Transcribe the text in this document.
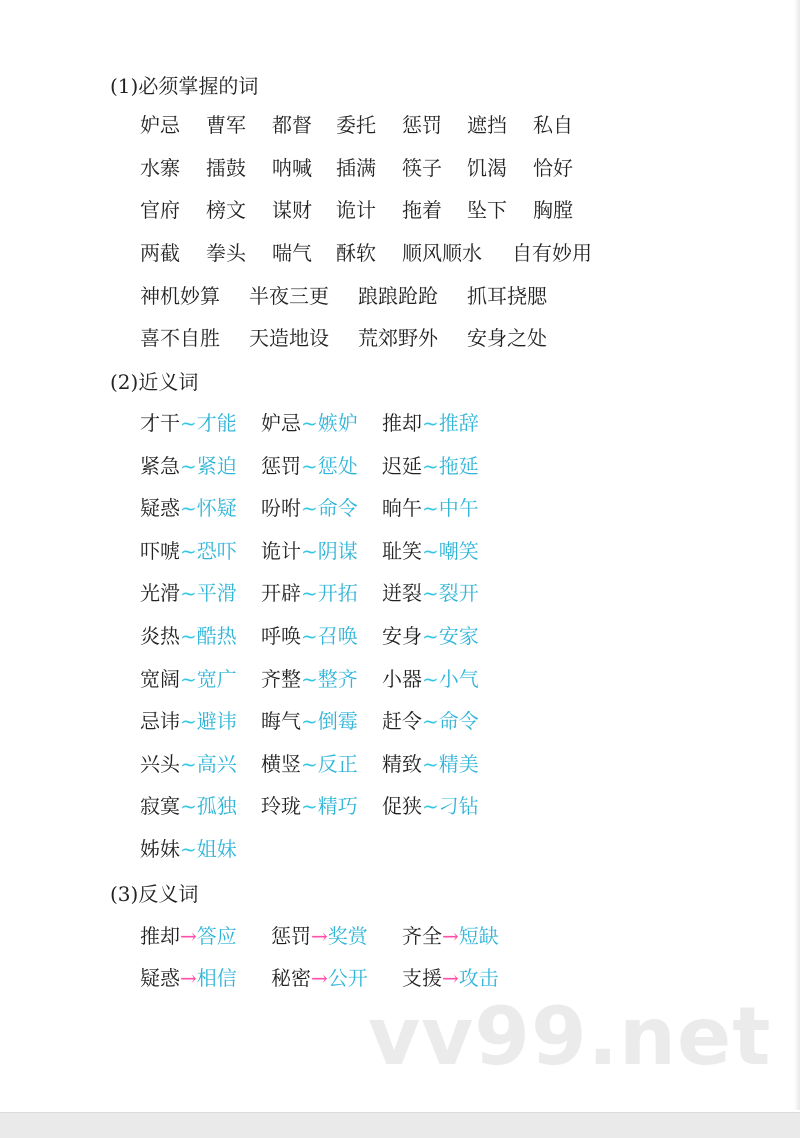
(1)必须掌握的词
妒忌 曹军 都督 委托 惩罚 遮挡 私自
水寨 擂鼓 呐喊 插满 筷子 饥渴 恰好
官府 榜文 谋财 诡计 拖着 坠下 胸膛
两截 拳头 喘气 酥软 顺风顺水 自有妙用
神机妙算 半夜三更 踉踉跄跄 抓耳挠腮
喜不自胜 天造地设 荒郊野外 安身之处
(2)近义词
才干~才能 妒忌~嫉妒 推却~推辞
紧急~紧迫 惩罚~惩处 迟延~拖延
疑惑~怀疑 吩咐~命令 晌午~中午
吓唬~恐吓 诡计~阴谋 耻笑~嘲笑
光滑~平滑 开辟~开拓 迸裂~裂开
炎热~酷热 呼唤~召唤 安身~安家
宽阔~宽广 齐整~整齐 小器~小气
忌讳~避讳 晦气~倒霉 赶令~命令
兴头~高兴 横竖~反正 精致~精美
寂寞~孤独 玲珑~精巧 促狭~刁钻
姊妹~姐妹
(3)反义词
推却→答应 惩罚→奖赏 齐全→短缺
疑惑→相信 秘密→公开 支援→攻击
vv99.net
